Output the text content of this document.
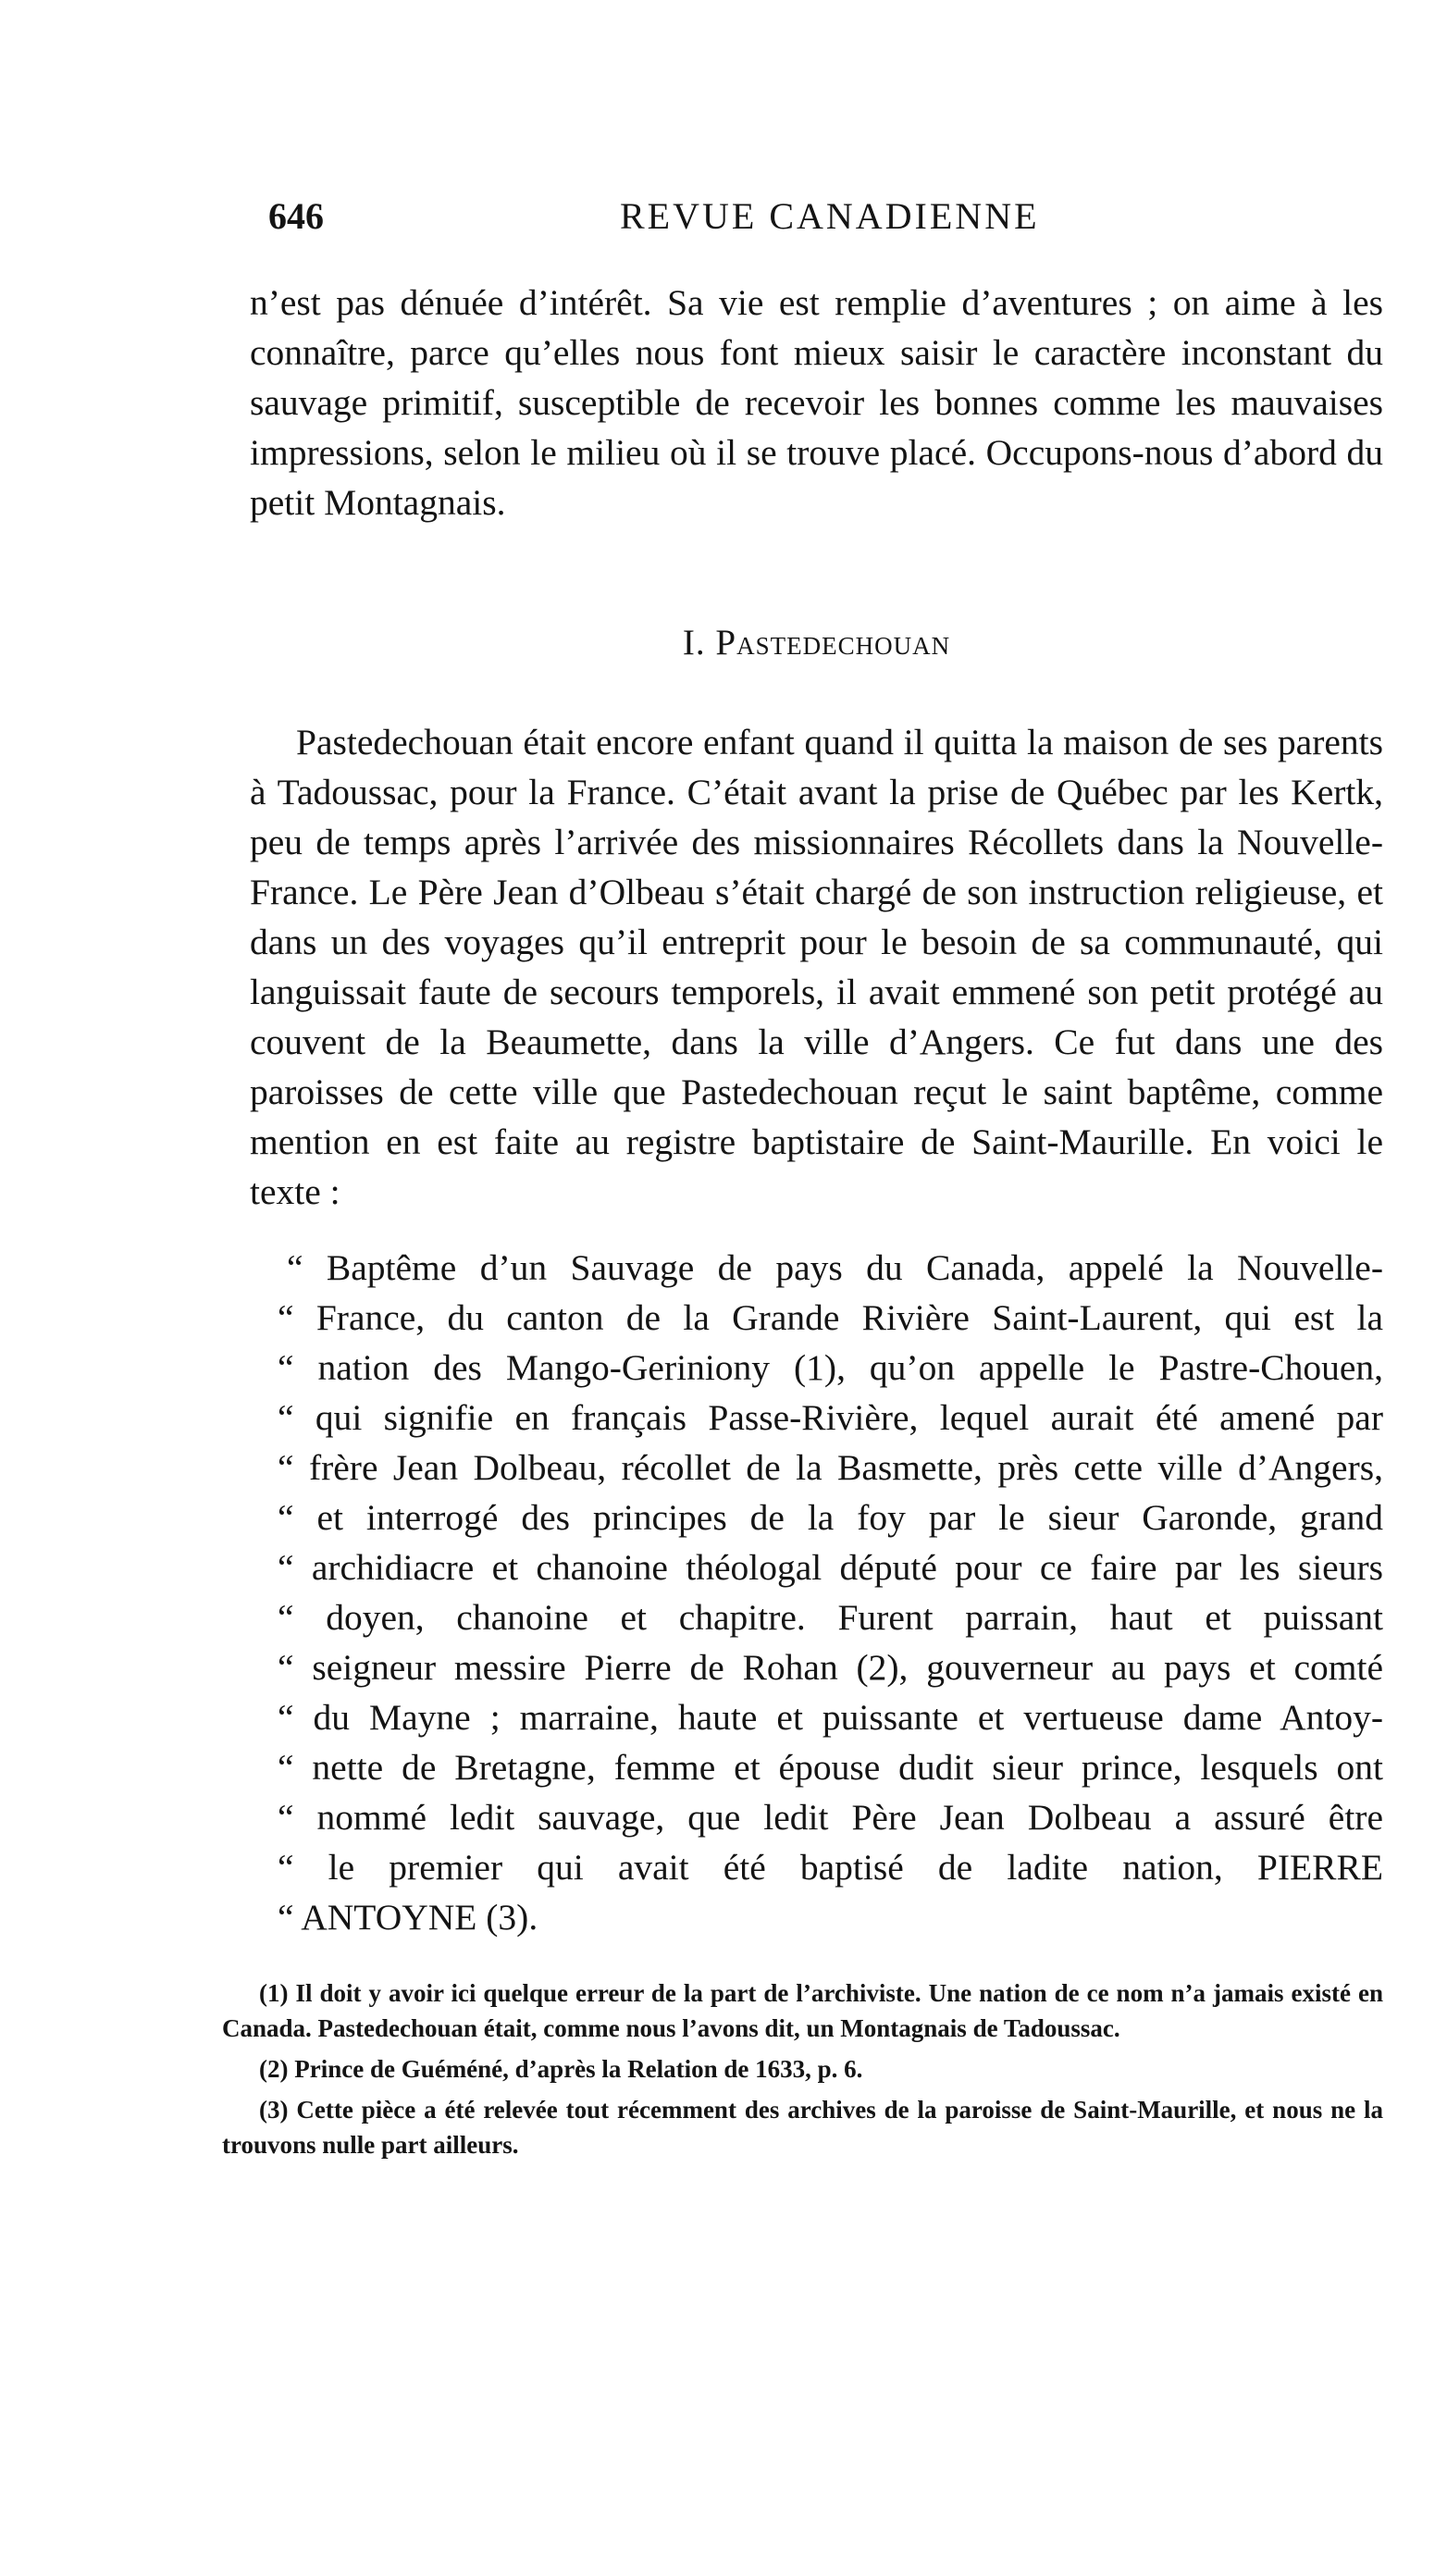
646	REVUE CANADIENNE

n’est pas dénuée d’intérêt. Sa vie est remplie d’aventures ; on aime à les connaître, parce qu’elles nous font mieux saisir le caractère inconstant du sauvage primitif, susceptible de recevoir les bonnes comme les mauvaises impressions, selon le milieu où il se trouve placé. Occupons-nous d’abord du petit Montagnais.

I. Pastedechouan

Pastedechouan était encore enfant quand il quitta la maison de ses parents à Tadoussac, pour la France. C’était avant la prise de Québec par les Kertk, peu de temps après l’arrivée des missionnaires Récollets dans la Nouvelle-France. Le Père Jean d’Olbeau s’était chargé de son instruction religieuse, et dans un des voyages qu’il entreprit pour le besoin de sa communauté, qui languissait faute de secours temporels, il avait emmené son petit protégé au couvent de la Beaumette, dans la ville d’Angers. Ce fut dans une des paroisses de cette ville que Pastedechouan reçut le saint baptême, comme mention en est faite au registre baptistaire de Saint-Maurille. En voici le texte :

“ Baptême d’un Sauvage de pays du Canada, appelé la Nouvelle-
“ France, du canton de la Grande Rivière Saint-Laurent, qui est la
“ nation des Mango-Geriniony (1), qu’on appelle le Pastre-Chouen,
“ qui signifie en français Passe-Rivière, lequel aurait été amené par
“ frère Jean Dolbeau, récollet de la Basmette, près cette ville d’Angers,
“ et interrogé des principes de la foy par le sieur Garonde, grand
“ archidiacre et chanoine théologal député pour ce faire par les sieurs
“ doyen, chanoine et chapitre. Furent parrain, haut et puissant
“ seigneur messire Pierre de Rohan (2), gouverneur au pays et comté
“ du Mayne ; marraine, haute et puissante et vertueuse dame Antoy-
“ nette de Bretagne, femme et épouse dudit sieur prince, lesquels ont
“ nommé ledit sauvage, que ledit Père Jean Dolbeau a assuré être
“ le premier qui avait été baptisé de ladite nation, PIERRE
“ ANTOYNE (3).

(1) Il doit y avoir ici quelque erreur de la part de l’archiviste. Une nation de ce nom n’a jamais existé en Canada. Pastedechouan était, comme nous l’avons dit, un Montagnais de Tadoussac.

(2) Prince de Guéméné, d’après la Relation de 1633, p. 6.

(3) Cette pièce a été relevée tout récemment des archives de la paroisse de Saint-Maurille, et nous ne la trouvons nulle part ailleurs.
